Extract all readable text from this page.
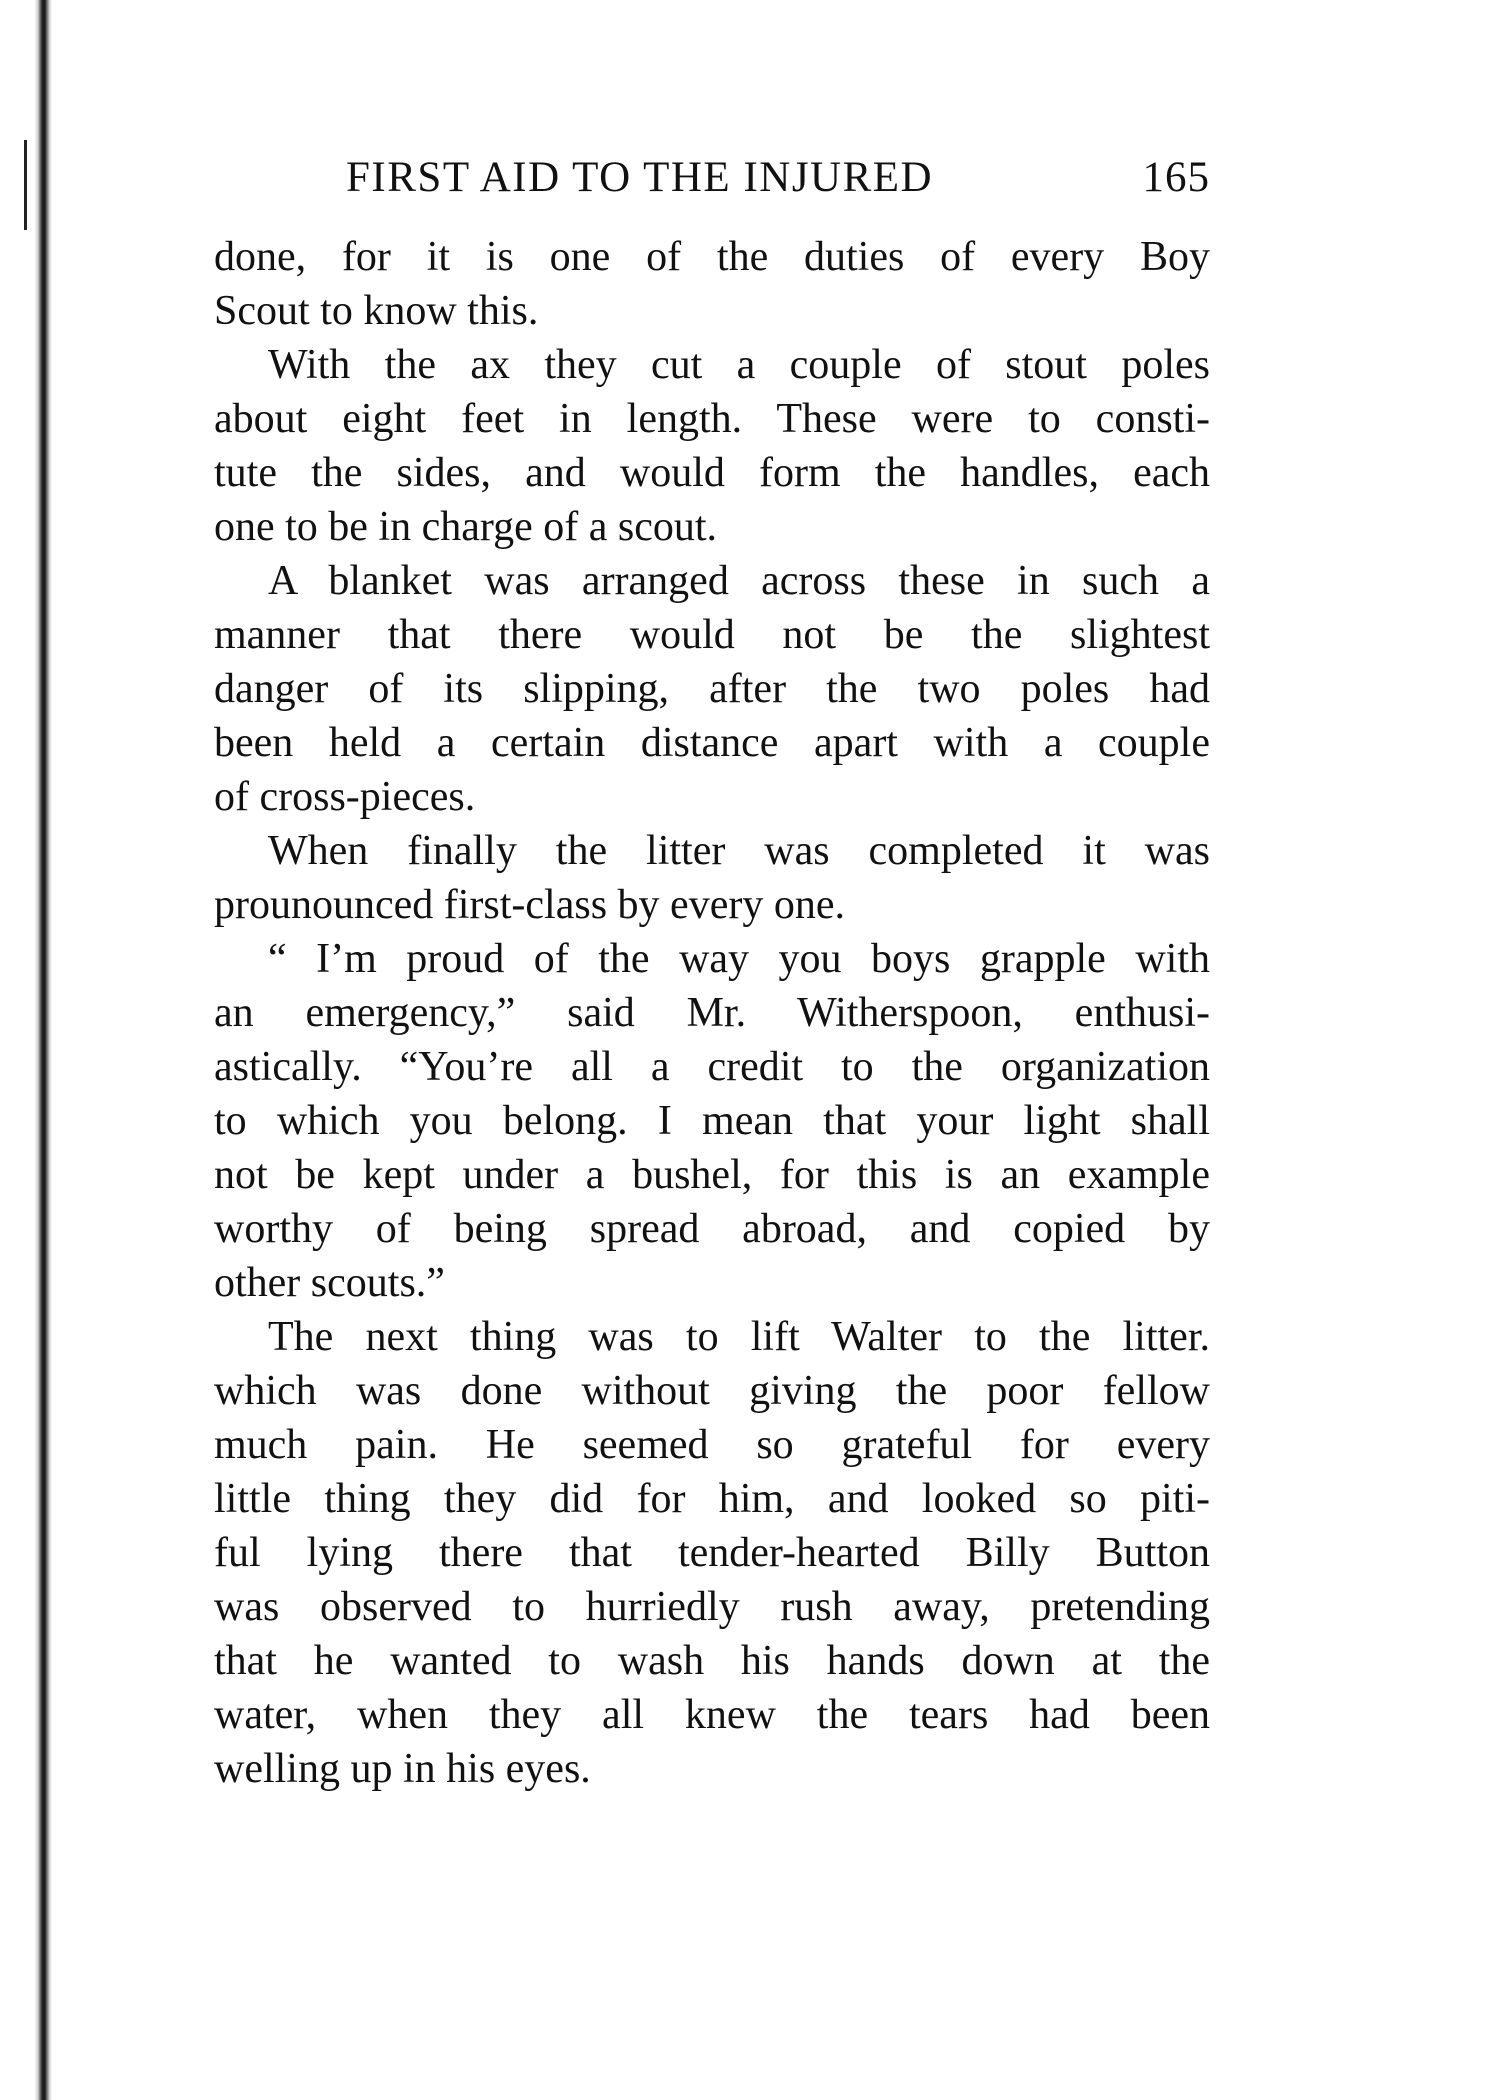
FIRST AID TO THE INJURED	165
done, for it is one of the duties of every Boy
Scout to know this.
With the ax they cut a couple of stout poles
about eight feet in length. These were to consti-
tute the sides, and would form the handles, each
one to be in charge of a scout.
A blanket was arranged across these in such a
manner that there would not be the slightest
danger of its slipping, after the two poles had
been held a certain distance apart with a couple
of cross-pieces.
When finally the litter was completed it was
prounounced first-class by every one.
“ I’m proud of the way you boys grapple with
an emergency,” said Mr. Witherspoon, enthusi-
astically. “You’re all a credit to the organization
to which you belong. I mean that your light shall
not be kept under a bushel, for this is an example
worthy of being spread abroad, and copied by
other scouts.”
The next thing was to lift Walter to the litter.
which was done without giving the poor fellow
much pain. He seemed so grateful for every
little thing they did for him, and looked so piti-
ful lying there that tender-hearted Billy Button
was observed to hurriedly rush away, pretending
that he wanted to wash his hands down at the
water, when they all knew the tears had been
welling up in his eyes.
